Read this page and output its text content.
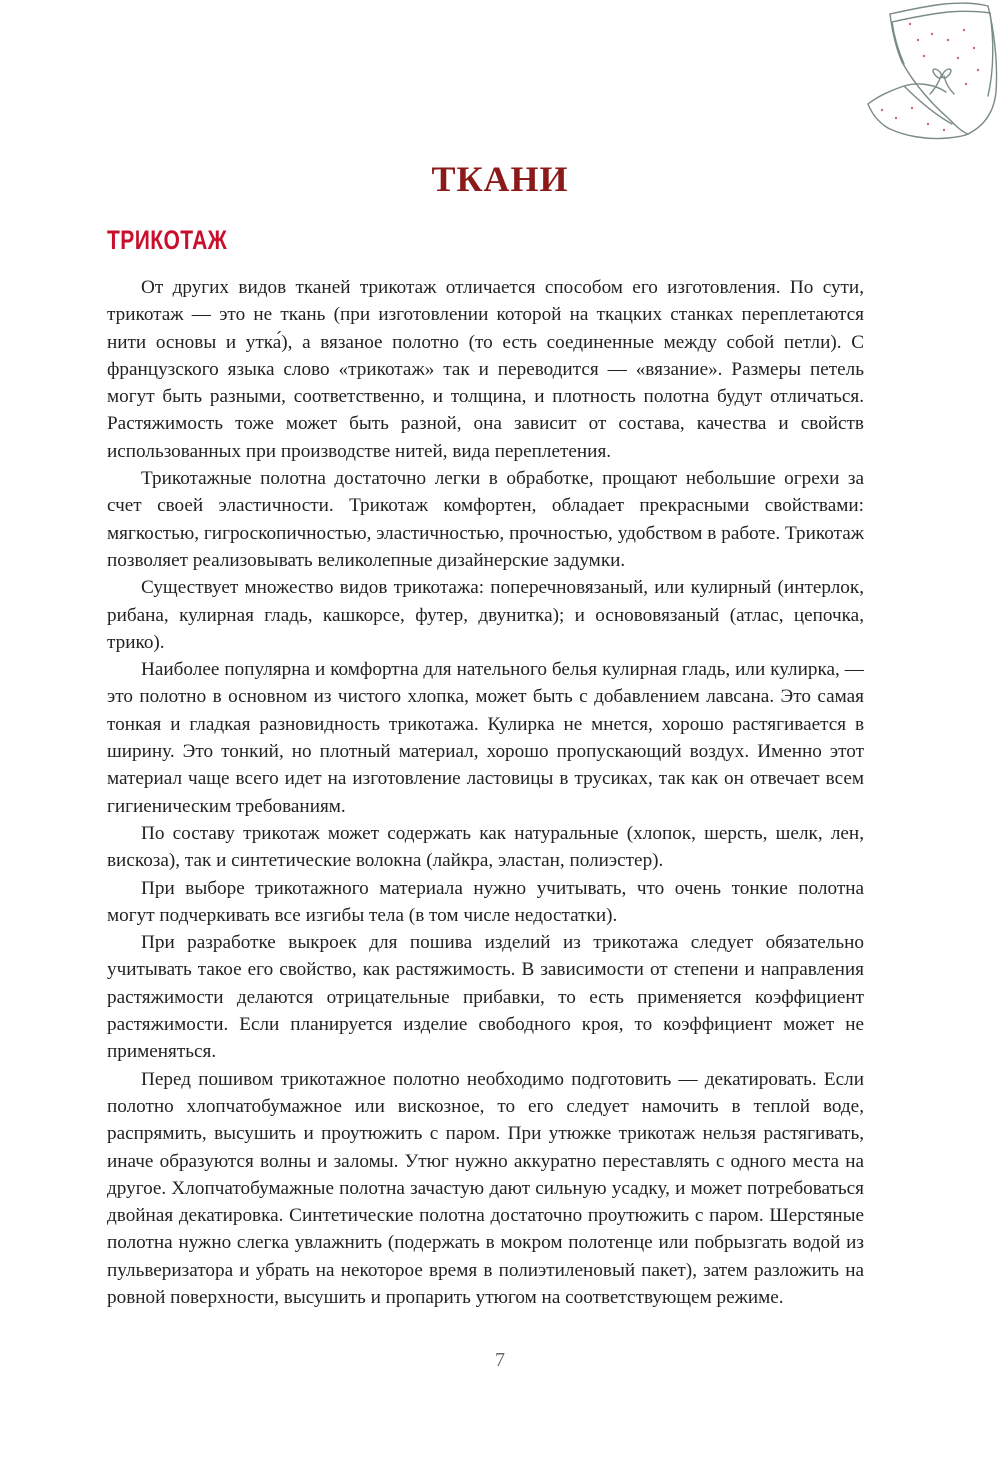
ТКАНИ
ТРИКОТАЖ

От других видов тканей трикотаж отличается способом его изготовления. По сути, трикотаж — это не ткань (при изготовлении которой на ткацких станках переплетаются нити основы и утка́), а вязаное полотно (то есть соединенные между собой петли). С французского языка слово «трикотаж» так и переводится — «вязание». Размеры петель могут быть разными, соответственно, и толщина, и плотность полотна будут отличаться. Растяжимость тоже может быть разной, она зависит от состава, качества и свойств использованных при производстве нитей, вида переплетения.

Трикотажные полотна достаточно легки в обработке, прощают небольшие огрехи за счет своей эластичности. Трикотаж комфортен, обладает прекрасными свойствами: мягкостью, гигроскопичностью, эластичностью, прочностью, удобством в работе. Трикотаж позволяет реализовывать великолепные дизайнерские задумки.

Существует множество видов трикотажа: поперечновязаный, или кулирный (интерлок, рибана, кулирная гладь, кашкорсе, футер, двунитка); и основовязаный (атлас, цепочка, трико).

Наиболее популярна и комфортна для нательного белья кулирная гладь, или кулирка, — это полотно в основном из чистого хлопка, может быть с добавлением лавсана. Это самая тонкая и гладкая разновидность трикотажа. Кулирка не мнется, хорошо растягивается в ширину. Это тонкий, но плотный материал, хорошо пропускающий воздух. Именно этот материал чаще всего идет на изготовление ластовицы в трусиках, так как он отвечает всем гигиеническим требованиям.

По составу трикотаж может содержать как натуральные (хлопок, шерсть, шелк, лен, вискоза), так и синтетические волокна (лайкра, эластан, полиэстер).

При выборе трикотажного материала нужно учитывать, что очень тонкие полотна могут подчеркивать все изгибы тела (в том числе недостатки).

При разработке выкроек для пошива изделий из трикотажа следует обязательно учитывать такое его свойство, как растяжимость. В зависимости от степени и направления растяжимости делаются отрицательные прибавки, то есть применяется коэффициент растяжимости. Если планируется изделие свободного кроя, то коэффициент может не применяться.

Перед пошивом трикотажное полотно необходимо подготовить — декатировать. Если полотно хлопчатобумажное или вискозное, то его следует намочить в теплой воде, распрямить, высушить и проутюжить с паром. При утюжке трикотаж нельзя растягивать, иначе образуются волны и заломы. Утюг нужно аккуратно переставлять с одного места на другое. Хлопчатобумажные полотна зачастую дают сильную усадку, и может потребоваться двойная декатировка. Синтетические полотна достаточно проутюжить с паром. Шерстяные полотна нужно слегка увлажнить (подержать в мокром полотенце или побрызгать водой из пульверизатора и убрать на некоторое время в полиэтиленовый пакет), затем разложить на ровной поверхности, высушить и пропарить утюгом на соответствующем режиме.

7
